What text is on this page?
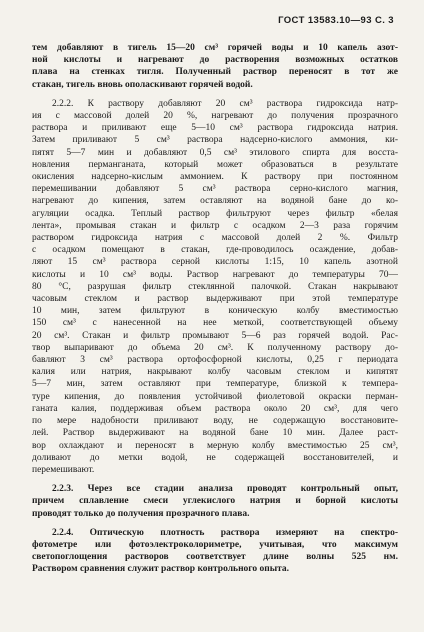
ГОСТ 13583.10—93 С. 3
тем добавляют в тигель 15—20 см³ горячей воды и 10 капель азот-
ной кислоты и нагревают до растворения возможных остатков
плава на стенках тигля. Полученный раствор переносят в тот же
стакан, тигель вновь ополаскивают горячей водой.
2.2.2. К раствору добавляют 20 см³ раствора гидроксида натр-
ия с массовой долей 20 %, нагревают до получения прозрачного
раствора и приливают еще 5—10 см³ раствора гидроксида натрия.
Затем приливают 5 см³ раствора надсерно-кислого аммония, ки-
пятят 5—7 мин и добавляют 0,5 см³ этилового спирта для восста-
новления перманганата, который может образоваться в результате
окисления надсерно-кислым аммонием. К раствору при постоянном
перемешивании добавляют 5 см³ раствора серно-кислого магния,
нагревают до кипения, затем оставляют на водяной бане до ко-
агуляции осадка. Теплый раствор фильтруют через фильтр «белая
лента», промывая стакан и фильтр с осадком 2—3 раза горячим
раствором гидроксида натрия с массовой долей 2 %. Фильтр
с осадком помещают в стакан, где-проводилось осаждение, добав-
ляют 15 см³ раствора серной кислоты 1:15, 10 капель азотной
кислоты и 10 см³ воды. Раствор нагревают до температуры 70—
80 °С, разрушая фильтр стеклянной палочкой. Стакан накрывают
часовым стеклом и раствор выдерживают при этой температуре
10 мин, затем фильтруют в коническую колбу вместимостью
150 см³ с нанесенной на нее меткой, соответствующей объему
20 см³. Стакан и фильтр промывают 5—6 раз горячей водой. Рас-
твор выпаривают до объема 20 см³. К полученному раствору до-
бавляют 3 см³ раствора ортофосфорной кислоты, 0,25 г периодата
калия или натрия, накрывают колбу часовым стеклом и кипятят
5—7 мин, затем оставляют при температуре, близкой к темпера-
туре кипения, до появления устойчивой фиолетовой окраски перман-
ганата калия, поддерживая объем раствора около 20 см³, для чего
по мере надобности приливают воду, не содержащую восстановите-
лей. Раствор выдерживают на водяной бане 10 мин. Далее раст-
вор охлаждают и переносят в мерную колбу вместимостью 25 см³,
доливают до метки водой, не содержащей восстановителей, и
перемешивают.
2.2.3. Через все стадии анализа проводят контрольный опыт,
причем сплавление смеси углекислого натрия и борной кислоты
проводят только до получения прозрачного плава.
2.2.4. Оптическую плотность раствора измеряют на спектро-
фотометре или фотоэлектроколориметре, учитывая, что максимум
светопоглощения растворов соответствует длине волны 525 нм.
Раствором сравнения служит раствор контрольного опыта.
